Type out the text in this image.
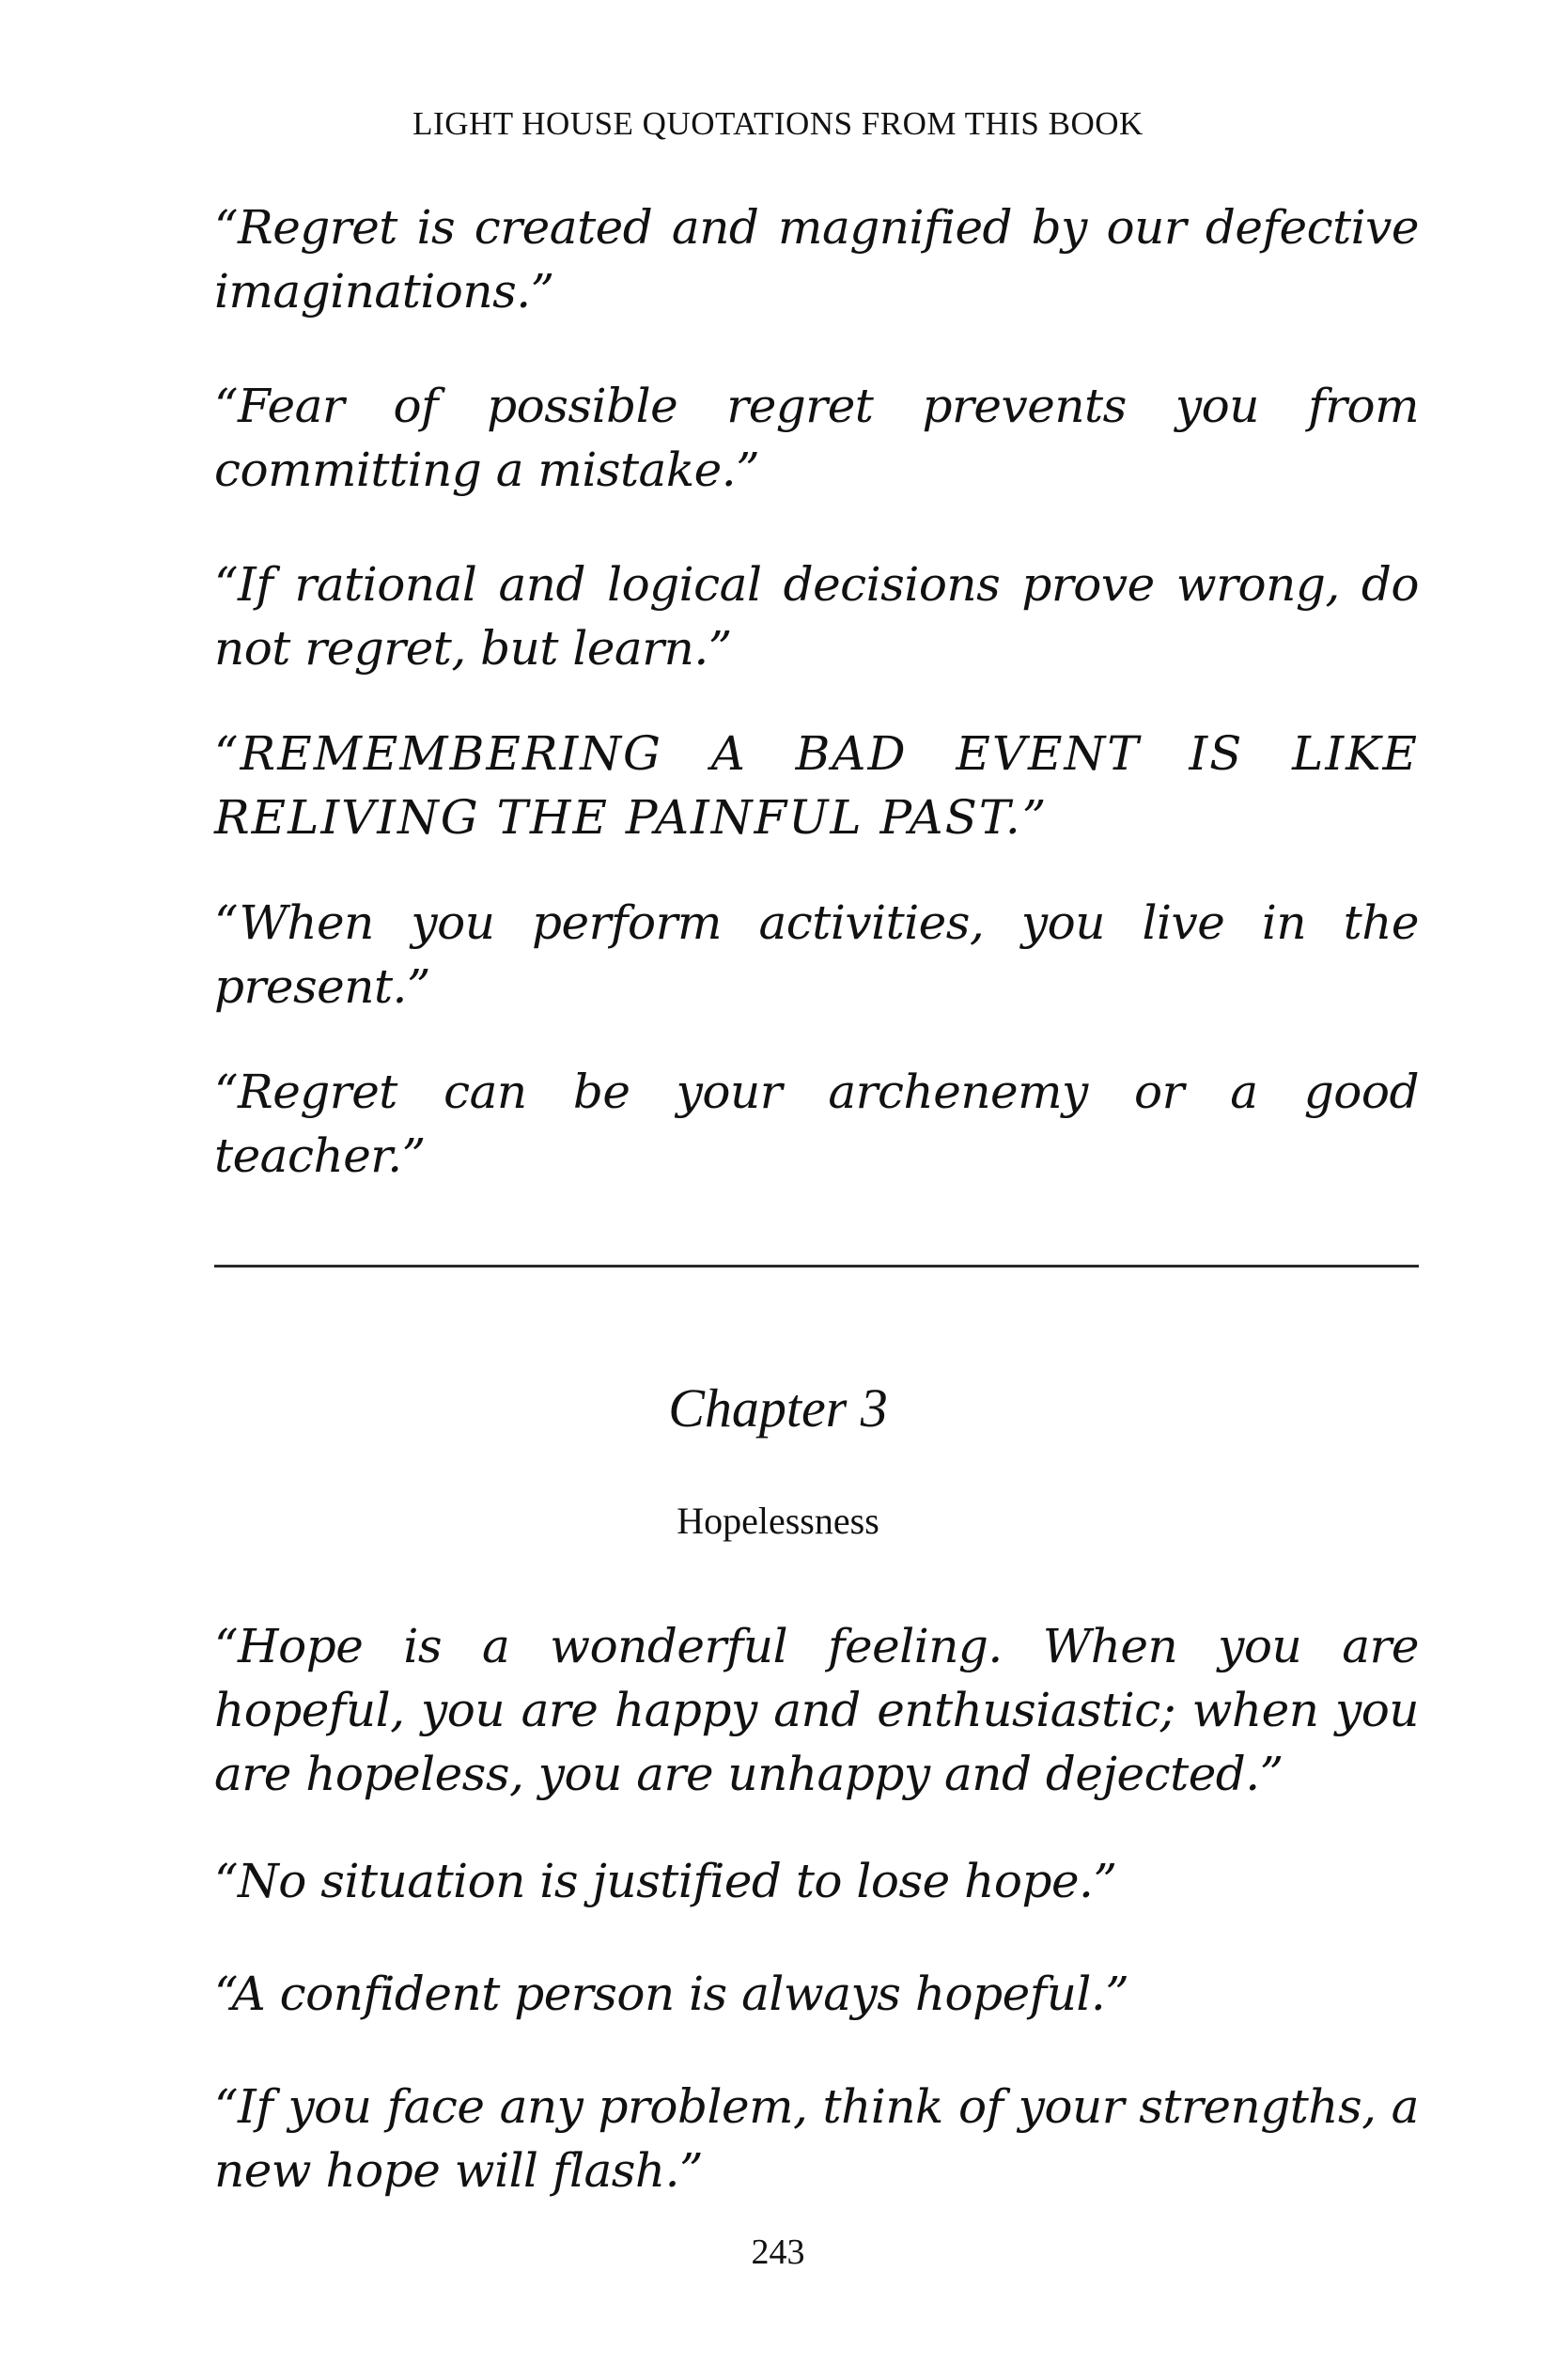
LIGHT HOUSE QUOTATIONS FROM THIS BOOK

“Regret is created and magnified by our defective imaginations.”

“Fear of possible regret prevents you from committing a mistake.”

“If rational and logical decisions prove wrong, do not regret, but learn.”

“REMEMBERING A BAD EVENT IS LIKE RELIVING THE PAINFUL PAST.”

“When you perform activities, you live in the present.”

“Regret can be your archenemy or a good teacher.”

Chapter 3
Hopelessness

“Hope is a wonderful feeling. When you are hopeful, you are happy and enthusiastic; when you are hopeless, you are unhappy and dejected.”

“No situation is justified to lose hope.”

“A confident person is always hopeful.”

“If you face any problem, think of your strengths, a new hope will flash.”

243
